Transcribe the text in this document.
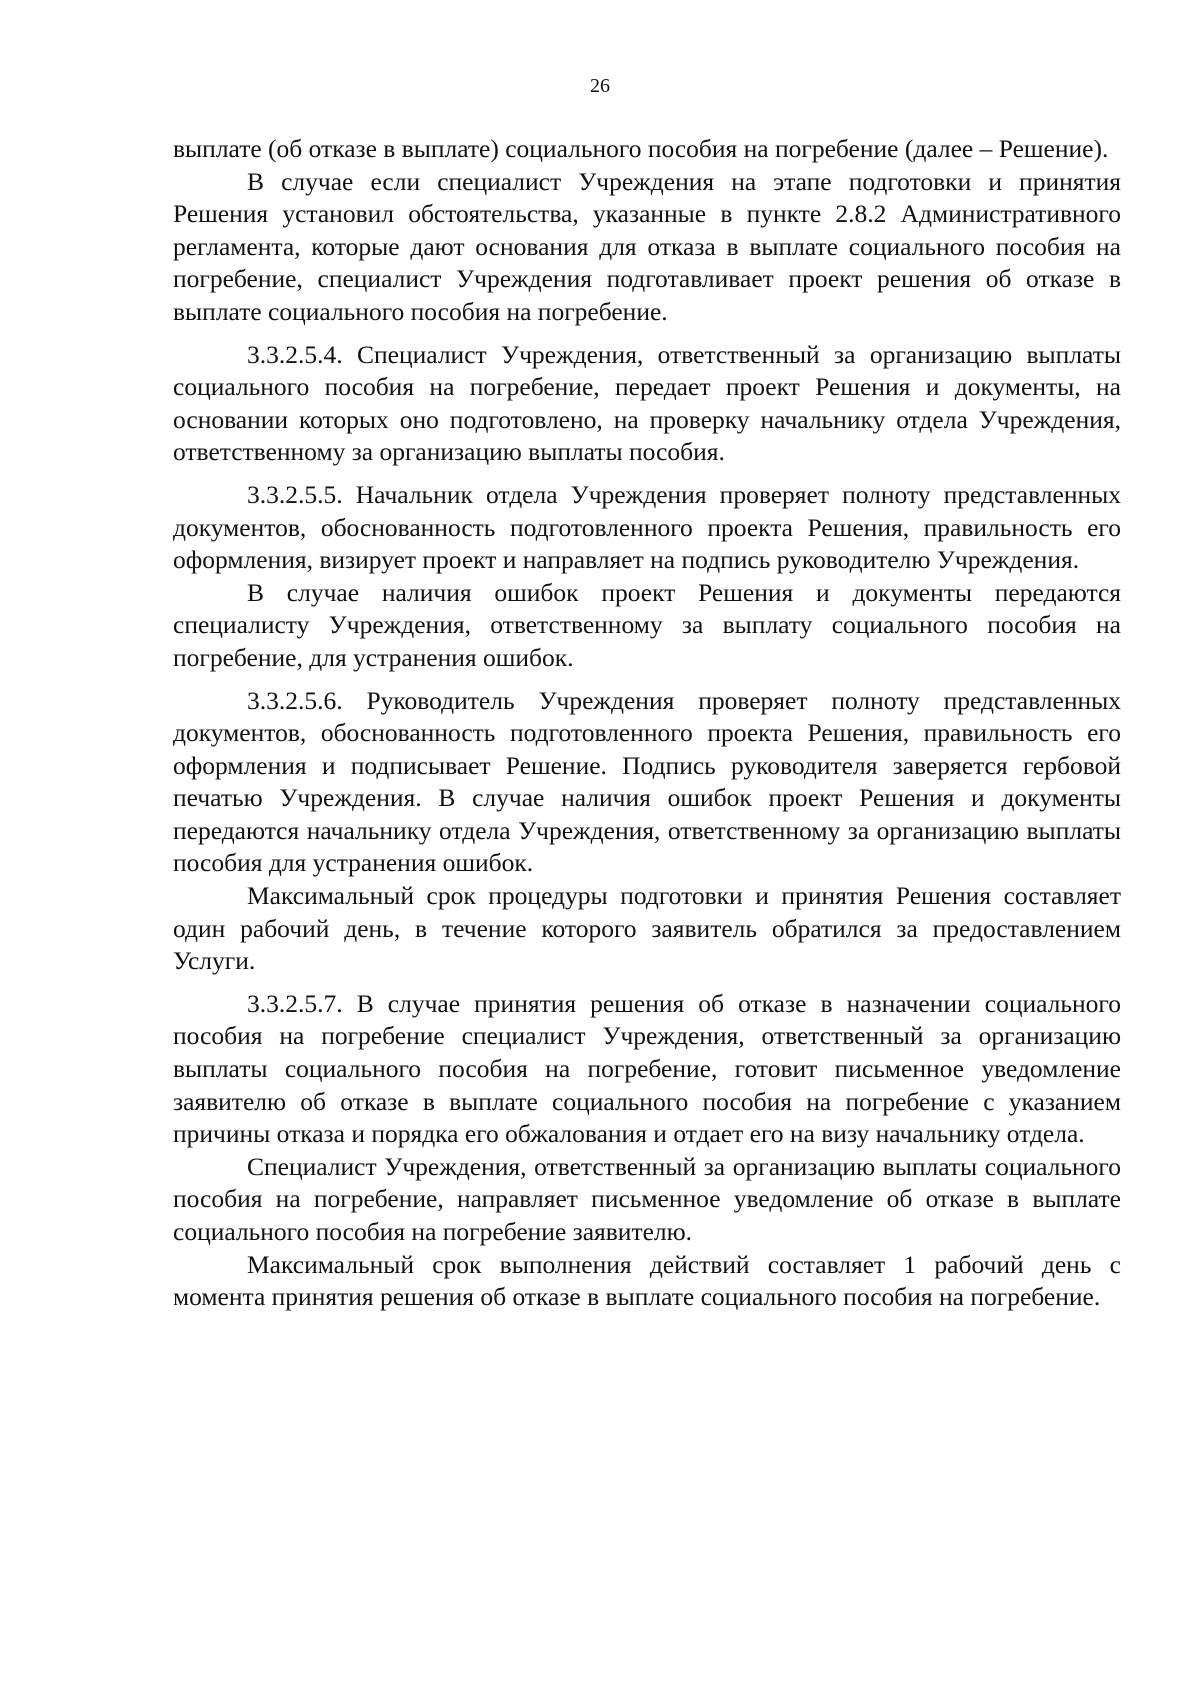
26

выплате (об отказе в выплате) социального пособия на погребение (далее – Решение).

В случае если специалист Учреждения на этапе подготовки и принятия Решения установил обстоятельства, указанные в пункте 2.8.2 Административного регламента, которые дают основания для отказа в выплате социального пособия на погребение, специалист Учреждения подготавливает проект решения об отказе в выплате социального пособия на погребение.

3.3.2.5.4. Специалист Учреждения, ответственный за организацию выплаты социального пособия на погребение, передает проект Решения и документы, на основании которых оно подготовлено, на проверку начальнику отдела Учреждения, ответственному за организацию выплаты пособия.

3.3.2.5.5. Начальник отдела Учреждения проверяет полноту представленных документов, обоснованность подготовленного проекта Решения, правильность его оформления, визирует проект и направляет на подпись руководителю Учреждения.

В случае наличия ошибок проект Решения и документы передаются специалисту Учреждения, ответственному за выплату социального пособия на погребение, для устранения ошибок.

3.3.2.5.6. Руководитель Учреждения проверяет полноту представленных документов, обоснованность подготовленного проекта Решения, правильность его оформления и подписывает Решение. Подпись руководителя заверяется гербовой печатью Учреждения. В случае наличия ошибок проект Решения и документы передаются начальнику отдела Учреждения, ответственному за организацию выплаты пособия для устранения ошибок.

Максимальный срок процедуры подготовки и принятия Решения составляет один рабочий день, в течение которого заявитель обратился за предоставлением Услуги.

3.3.2.5.7. В случае принятия решения об отказе в назначении социального пособия на погребение специалист Учреждения, ответственный за организацию выплаты социального пособия на погребение, готовит письменное уведомление заявителю об отказе в выплате социального пособия на погребение с указанием причины отказа и порядка его обжалования и отдает его на визу начальнику отдела.

Специалист Учреждения, ответственный за организацию выплаты социального пособия на погребение, направляет письменное уведомление об отказе в выплате социального пособия на погребение заявителю.

Максимальный срок выполнения действий составляет 1 рабочий день с момента принятия решения об отказе в выплате социального пособия на погребение.
